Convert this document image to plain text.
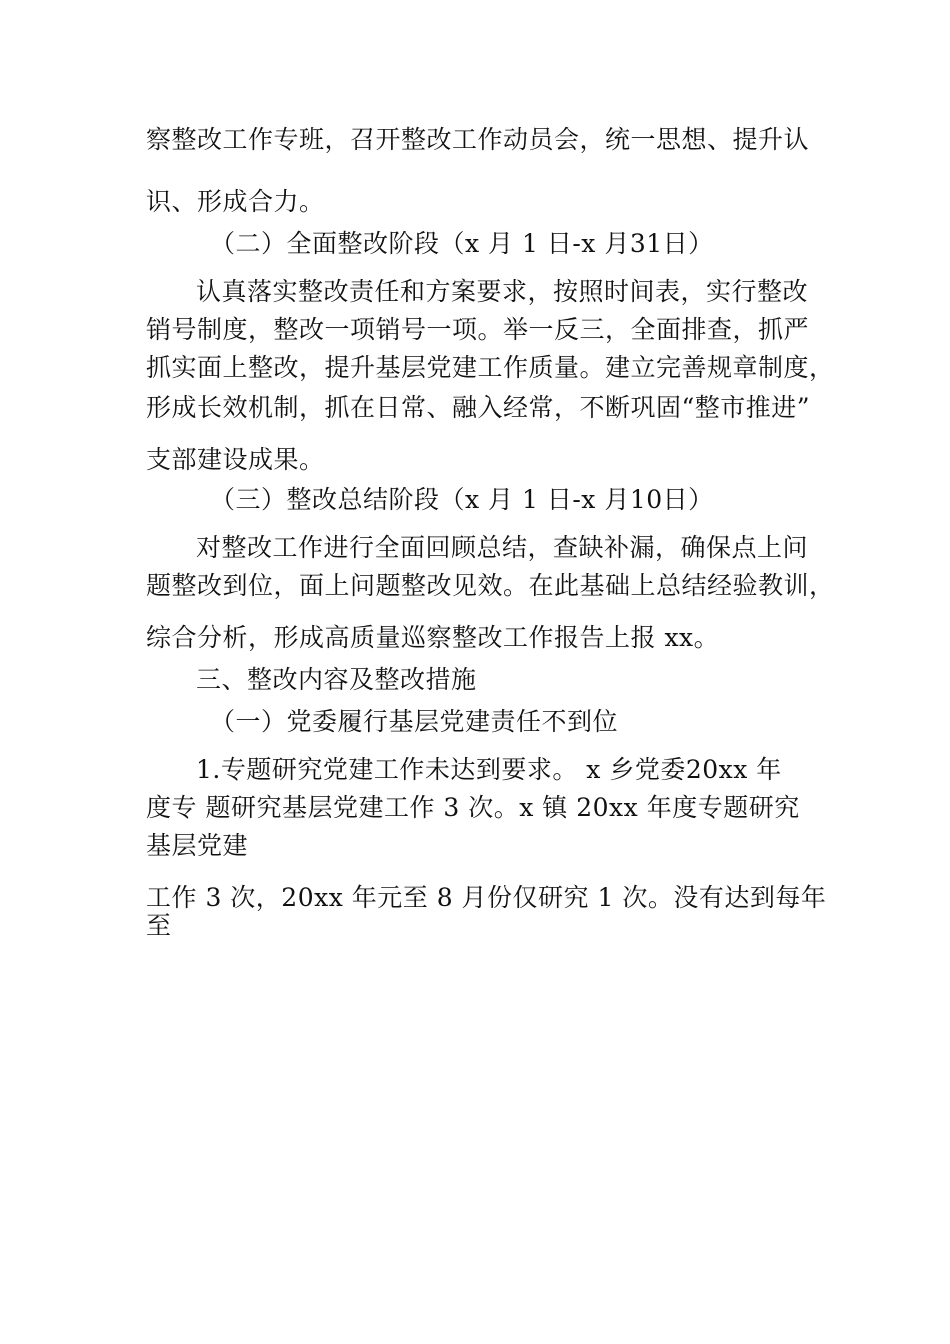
察整改工作专班，召开整改工作动员会，统一思想、提升认
识、形成合力。
（二）全面整改阶段（x 月 1 日-x 月31日）
认真落实整改责任和方案要求，按照时间表，实行整改
销号制度，整改一项销号一项。举一反三，全面排查，抓严
抓实面上整改，提升基层党建工作质量。建立完善规章制度，
形成长效机制，抓在日常、融入经常，不断巩固“整市推进”
支部建设成果。
（三）整改总结阶段（x 月 1 日-x 月10日）
对整改工作进行全面回顾总结，查缺补漏，确保点上问
题整改到位，面上问题整改见效。在此基础上总结经验教训，
综合分析，形成高质量巡察整改工作报告上报 xx。
三、整改内容及整改措施
（一）党委履行基层党建责任不到位
1.专题研究党建工作未达到要求。 x 乡党委20xx 年
度专 题研究基层党建工作 3 次。x 镇 20xx 年度专题研究
基层党建
工作 3 次，20xx 年元至 8 月份仅研究 1 次。没有达到每年
至
